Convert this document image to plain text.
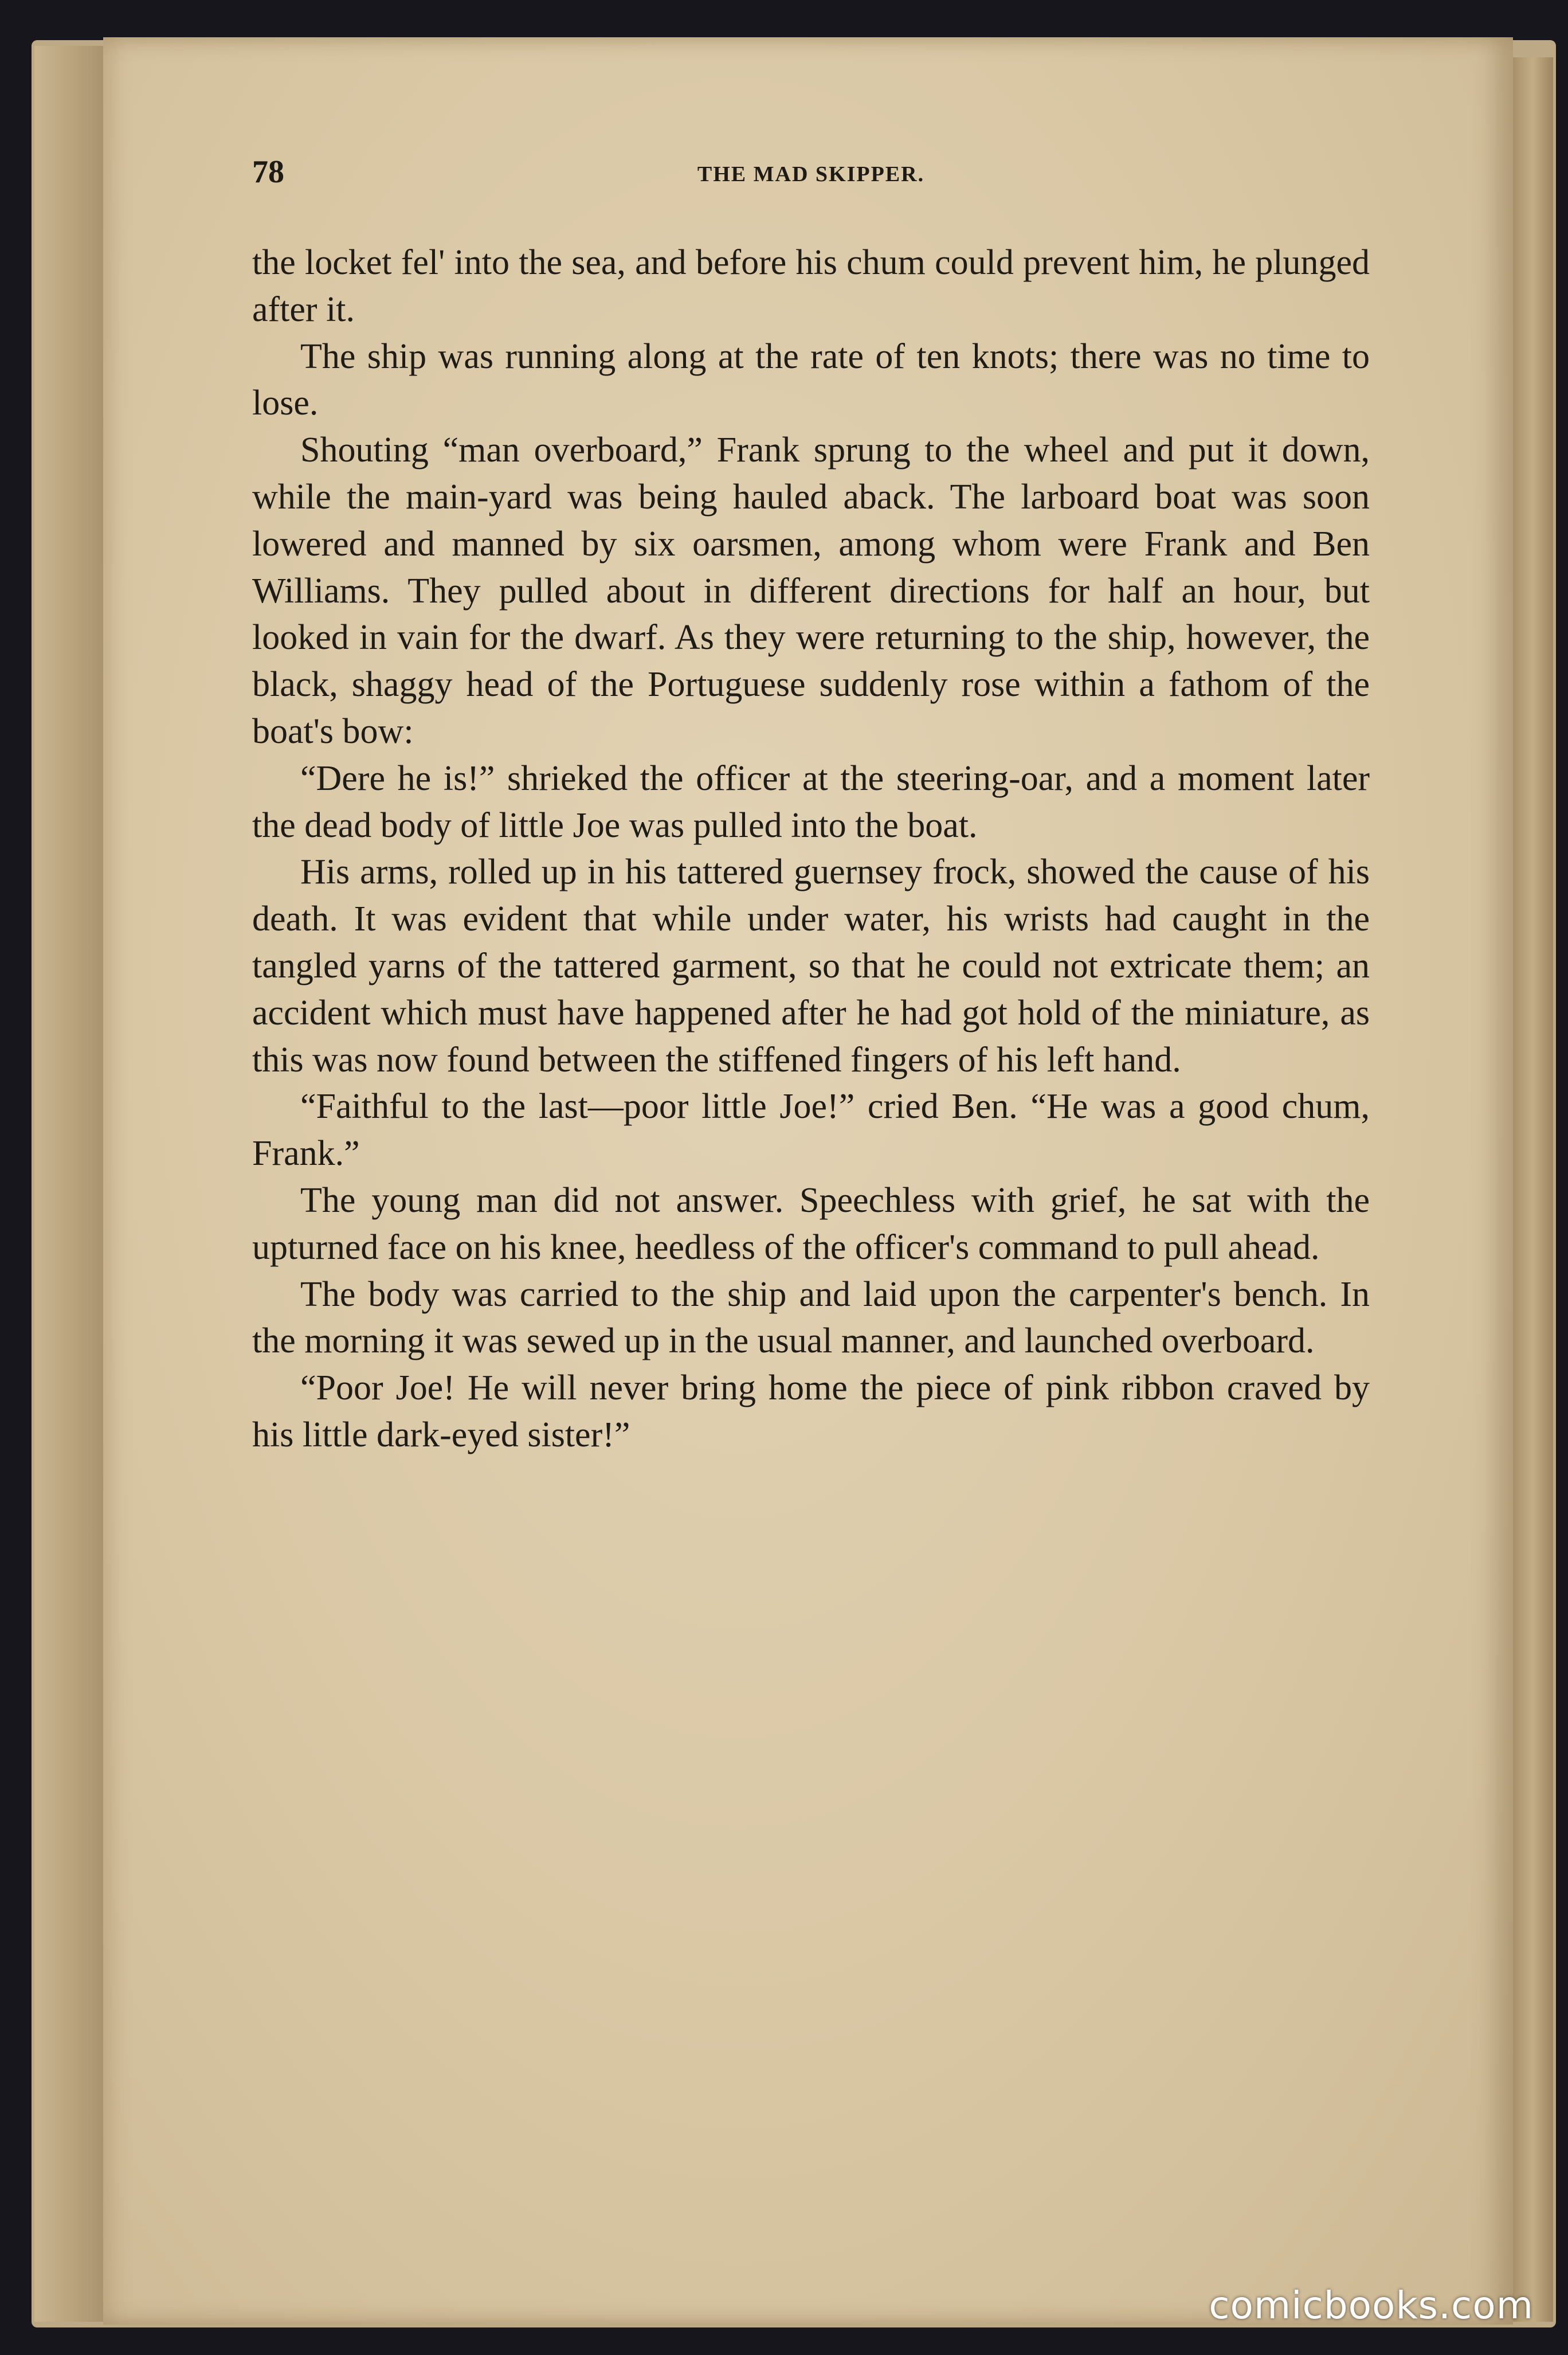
78	THE MAD SKIPPER.

the locket fel' into the sea, and before his chum could prevent him, he plunged after it.

The ship was running along at the rate of ten knots; there was no time to lose.

Shouting “man overboard,” Frank sprung to the wheel and put it down, while the main-yard was being hauled aback. The larboard boat was soon lowered and manned by six oarsmen, among whom were Frank and Ben Williams. They pulled about in different directions for half an hour, but looked in vain for the dwarf. As they were returning to the ship, however, the black, shaggy head of the Portuguese suddenly rose within a fathom of the boat's bow:

“Dere he is!” shrieked the officer at the steering-oar, and a moment later the dead body of little Joe was pulled into the boat.

His arms, rolled up in his tattered guernsey frock, showed the cause of his death. It was evident that while under water, his wrists had caught in the tangled yarns of the tattered garment, so that he could not extricate them; an accident which must have happened after he had got hold of the miniature, as this was now found between the stiffened fingers of his left hand.

“Faithful to the last—poor little Joe!” cried Ben. “He was a good chum, Frank.”

The young man did not answer. Speechless with grief, he sat with the upturned face on his knee, heedless of the officer's command to pull ahead.

The body was carried to the ship and laid upon the carpenter's bench. In the morning it was sewed up in the usual manner, and launched overboard.

“Poor Joe! He will never bring home the piece of pink ribbon craved by his little dark-eyed sister!”

comicbooks.com
